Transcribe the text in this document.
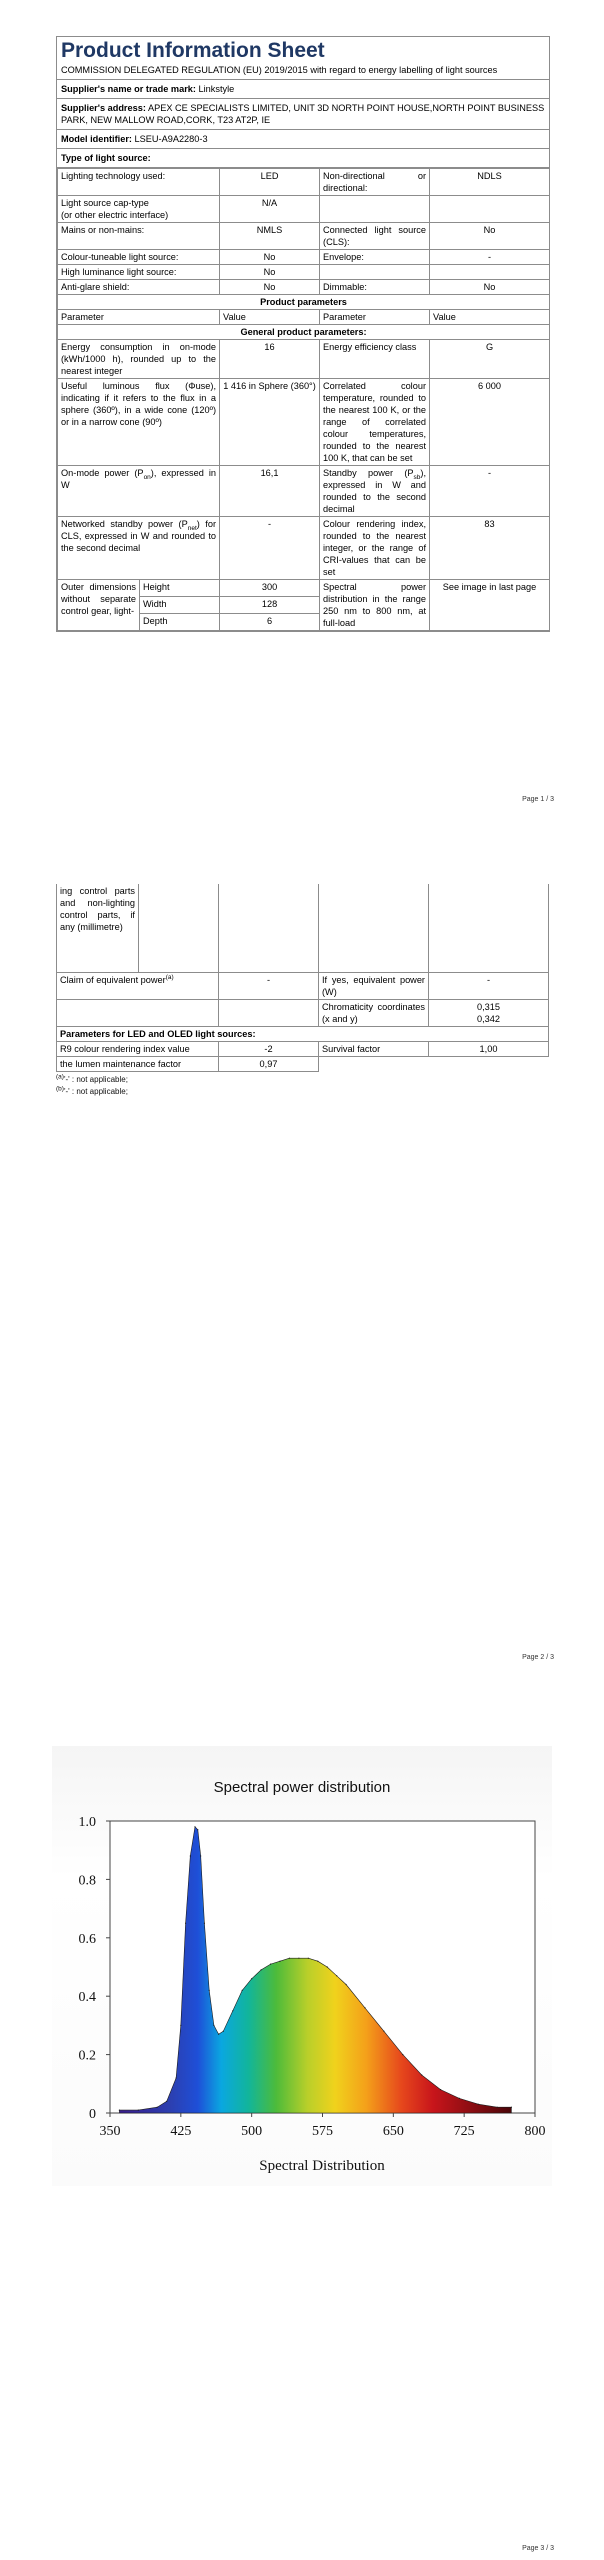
Product Information Sheet
COMMISSION DELEGATED REGULATION (EU) 2019/2015 with regard to energy labelling of light sources
Supplier's name or trade mark: Linkstyle
Supplier's address: APEX CE SPECIALISTS LIMITED, UNIT 3D NORTH POINT HOUSE,NORTH POINT BUSINESS PARK, NEW MALLOW ROAD,CORK, T23 AT2P, IE
Model identifier: LSEU-A9A2280-3
Type of light source:
Lighting technology used:		LED	Non-directional or directional:	NDLS
Light source cap-type
(or other electric interface)		N/A		
Mains or non-mains:		NMLS	Connected light source (CLS):	No
Colour-tuneable light source:		No	Envelope:	-
High luminance light source:		No		
Anti-glare shield:		No	Dimmable:	No
Product parameters				
Parameter		Value	Parameter	Value
General product parameters:				
Energy consumption in on-mode (kWh/1000 h), rounded up to the nearest integer		16	Energy efficiency class	G
Useful luminous flux (Φuse), indicating if it refers to the flux in a sphere (360º), in a wide cone (120º) or in a narrow cone (90º)		1 416 in Sphere (360°)	Correlated colour temperature, rounded to the nearest 100 K, or the range of correlated colour temperatures, rounded to the nearest 100 K, that can be set	6 000
On-mode power $(P_{on})$, expressed in W		16,1	Standby power $(P_{sb})$, expressed in W and rounded to the second decimal	-
Networked standby power $(P_{net})$ for CLS, expressed in W and rounded to the second decimal		-	Colour rendering index, rounded to the nearest integer, or the range of CRI-values that can be set	83
Outer dimensions without separate control gear, light-	Height	300	Spectral power distribution in the range 250 nm to 800 nm, at full-load	See image in last page
	Width	128		
	Depth	6		
Page 1 / 3
ing control parts and non-lighting control parts, if any (millimetre)				
Claim of equivalent power$^{(a)}$		-	If yes, equivalent power (W)	-
			Chromaticity coordinates (x and y)	0,315
0,342
Parameters for LED and OLED light sources:				
R9 colour rendering index value		-2	Survival factor	1,00
the lumen maintenance factor		0,97		
$^{(a)}$'-' : not applicable;
$^{(b)}$'-' : not applicable;
Page 2 / 3
Spectral power distribution
0
0.2
0.4
0.6
0.8
1.0
350	425	500	575	650	725	800
Spectral Distribution
Page 3 / 3
